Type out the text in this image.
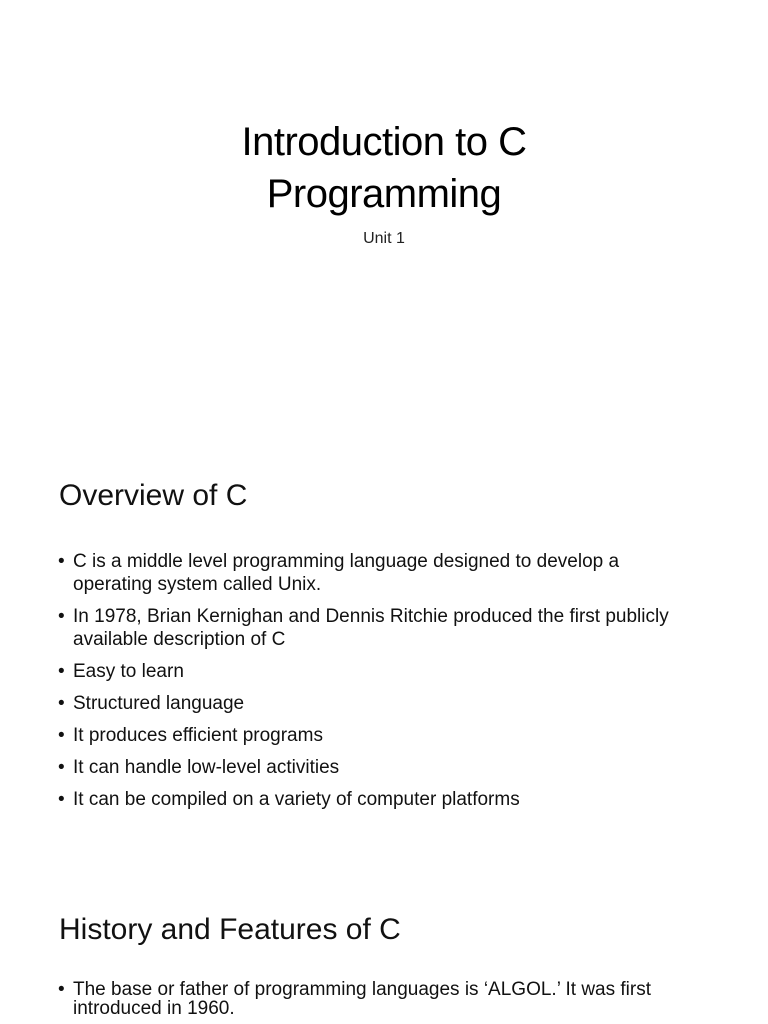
Introduction to C
Programming
Unit 1
Overview of C
• C is a middle level programming language designed to develop a operating system called Unix.
• In 1978, Brian Kernighan and Dennis Ritchie produced the first publicly available description of C
• Easy to learn
• Structured language
• It produces efficient programs
• It can handle low-level activities
• It can be compiled on a variety of computer platforms
History and Features of C
• The base or father of programming languages is ‘ALGOL.’ It was first introduced in 1960.
